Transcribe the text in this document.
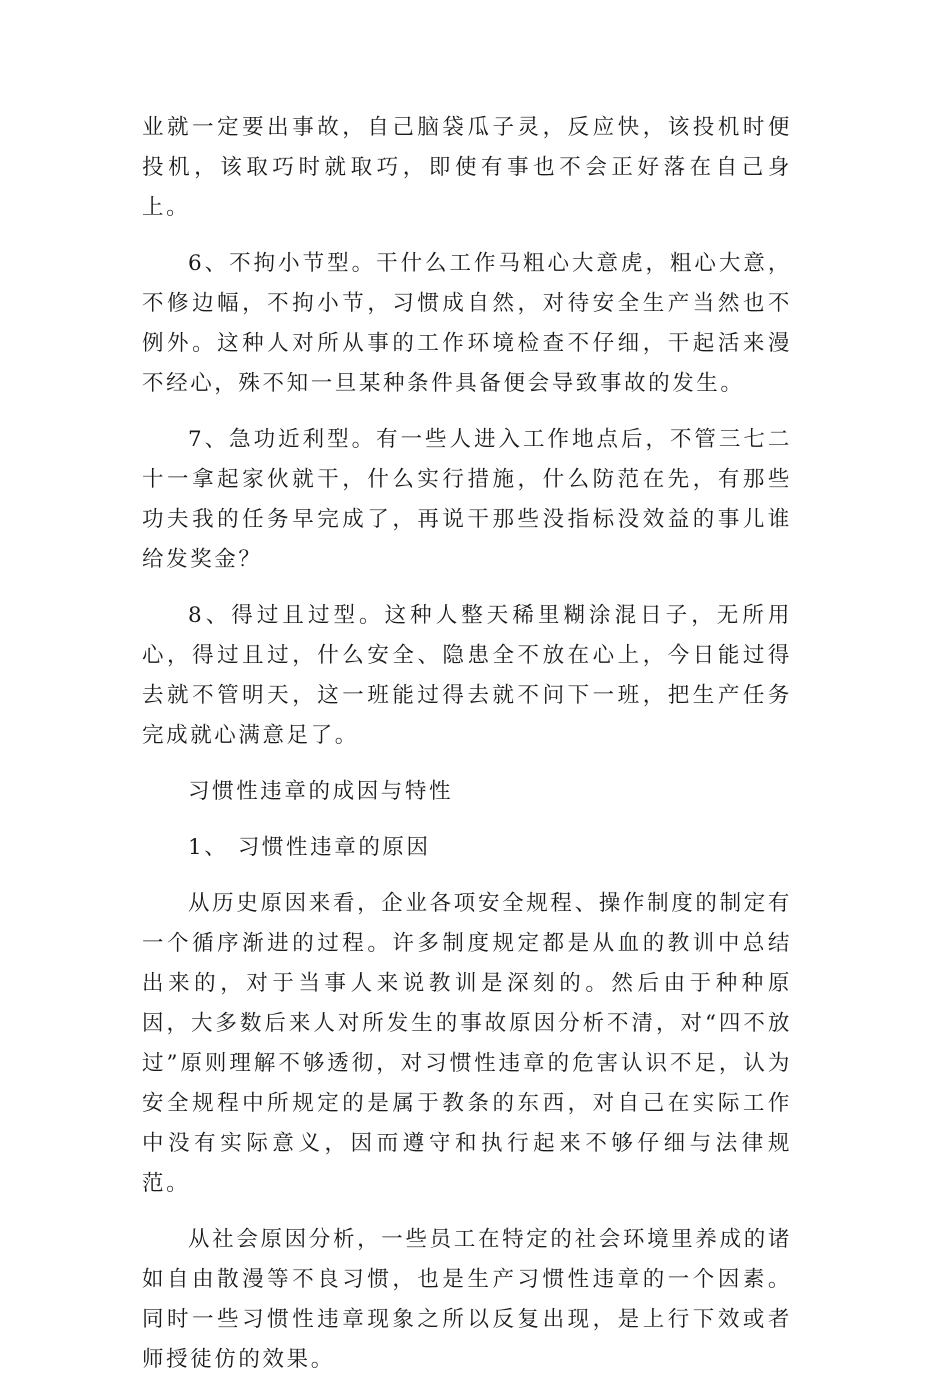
业就一定要出事故，自己脑袋瓜子灵，反应快，该投机时便投机，该取巧时就取巧，即使有事也不会正好落在自己身上。

6、不拘小节型。干什么工作马粗心大意虎，粗心大意，不修边幅，不拘小节，习惯成自然，对待安全生产当然也不例外。这种人对所从事的工作环境检查不仔细，干起活来漫不经心，殊不知一旦某种条件具备便会导致事故的发生。

7、急功近利型。有一些人进入工作地点后，不管三七二十一拿起家伙就干，什么实行措施，什么防范在先，有那些功夫我的任务早完成了，再说干那些没指标没效益的事儿谁给发奖金？

8、得过且过型。这种人整天稀里糊涂混日子，无所用心，得过且过，什么安全、隐患全不放在心上，今日能过得去就不管明天，这一班能过得去就不问下一班，把生产任务完成就心满意足了。

习惯性违章的成因与特性

1、 习惯性违章的原因

从历史原因来看，企业各项安全规程、操作制度的制定有一个循序渐进的过程。许多制度规定都是从血的教训中总结出来的，对于当事人来说教训是深刻的。然后由于种种原因，大多数后来人对所发生的事故原因分析不清，对“四不放过”原则理解不够透彻，对习惯性违章的危害认识不足，认为安全规程中所规定的是属于教条的东西，对自己在实际工作中没有实际意义，因而遵守和执行起来不够仔细与法律规范。

从社会原因分析，一些员工在特定的社会环境里养成的诸如自由散漫等不良习惯，也是生产习惯性违章的一个因素。同时一些习惯性违章现象之所以反复出现，是上行下效或者师授徒仿的效果。
